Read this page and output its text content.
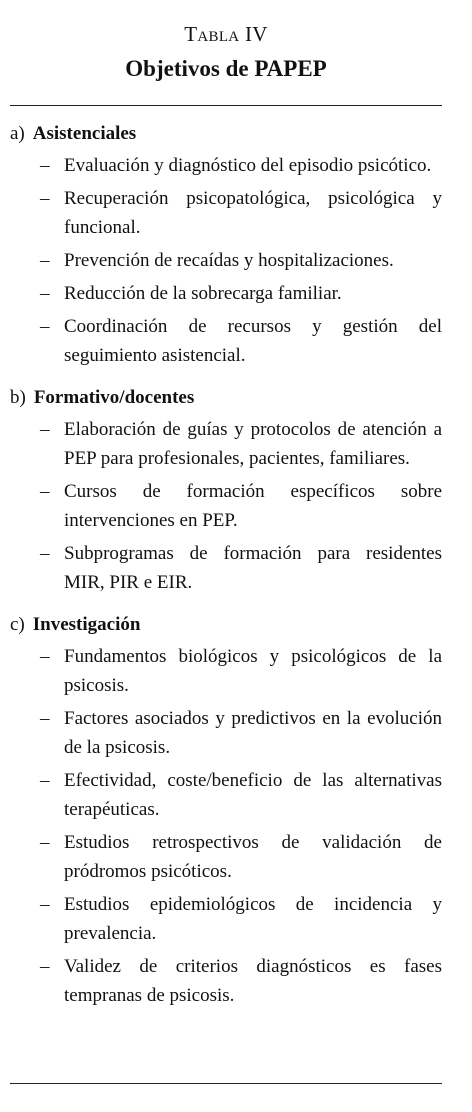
Tabla IV
Objetivos de PAPEP
a) Asistenciales
– Evaluación y diagnóstico del episodio psicótico.
– Recuperación psicopatológica, psicológica y funcional.
– Prevención de recaídas y hospitalizaciones.
– Reducción de la sobrecarga familiar.
– Coordinación de recursos y gestión del seguimiento asistencial.
b) Formativo/docentes
– Elaboración de guías y protocolos de atención a PEP para profesionales, pacientes, familiares.
– Cursos de formación específicos sobre intervenciones en PEP.
– Subprogramas de formación para residentes MIR, PIR e EIR.
c) Investigación
– Fundamentos biológicos y psicológicos de la psicosis.
– Factores asociados y predictivos en la evolución de la psicosis.
– Efectividad, coste/beneficio de las alternativas terapéuticas.
– Estudios retrospectivos de validación de pródromos psicóticos.
– Estudios epidemiológicos de incidencia y prevalencia.
– Validez de criterios diagnósticos es fases tempranas de psicosis.
